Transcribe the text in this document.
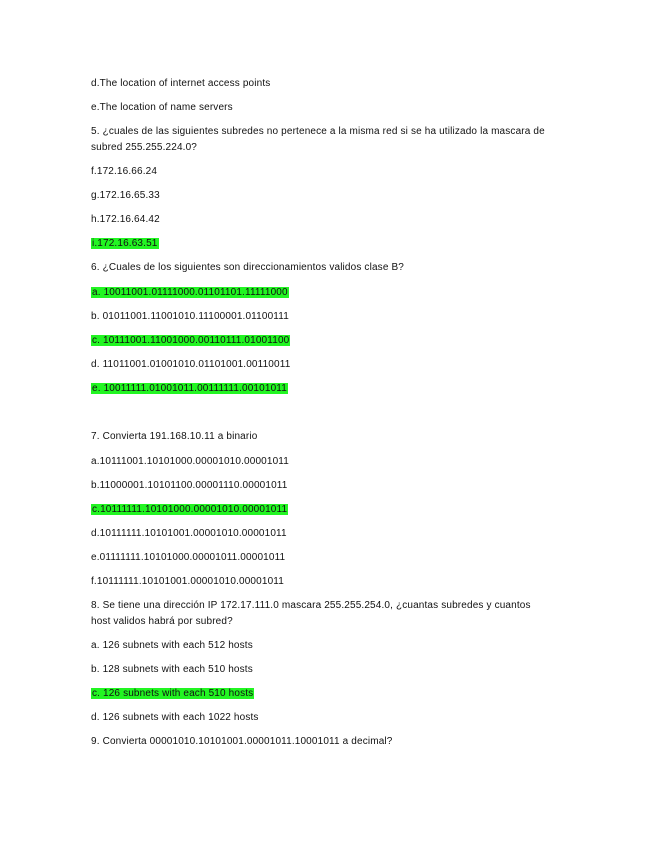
d.The location of internet access points
e.The location of name servers
5. ¿cuales de las siguientes subredes no pertenece a la misma red si se ha utilizado la mascara de
subred 255.255.224.0?
f.172.16.66.24
g.172.16.65.33
h.172.16.64.42
i.172.16.63.51
6. ¿Cuales de los siguientes son direccionamientos validos clase B?
a. 10011001.01111000.01101101.11111000
b. 01011001.11001010.11100001.01100111
c. 10111001.11001000.00110111.01001100
d. 11011001.01001010.01101001.00110011
e. 10011111.01001011.00111111.00101011
7. Convierta 191.168.10.11 a binario
a.10111001.10101000.00001010.00001011
b.11000001.10101100.00001110.00001011
c.10111111.10101000.00001010.00001011
d.10111111.10101001.00001010.00001011
e.01111111.10101000.00001011.00001011
f.10111111.10101001.00001010.00001011
8. Se tiene una dirección IP 172.17.111.0 mascara 255.255.254.0, ¿cuantas subredes y cuantos
host validos habrá por subred?
a. 126 subnets with each 512 hosts
b. 128 subnets with each 510 hosts
c. 126 subnets with each 510 hosts
d. 126 subnets with each 1022 hosts
9. Convierta 00001010.10101001.00001011.10001011 a decimal?
